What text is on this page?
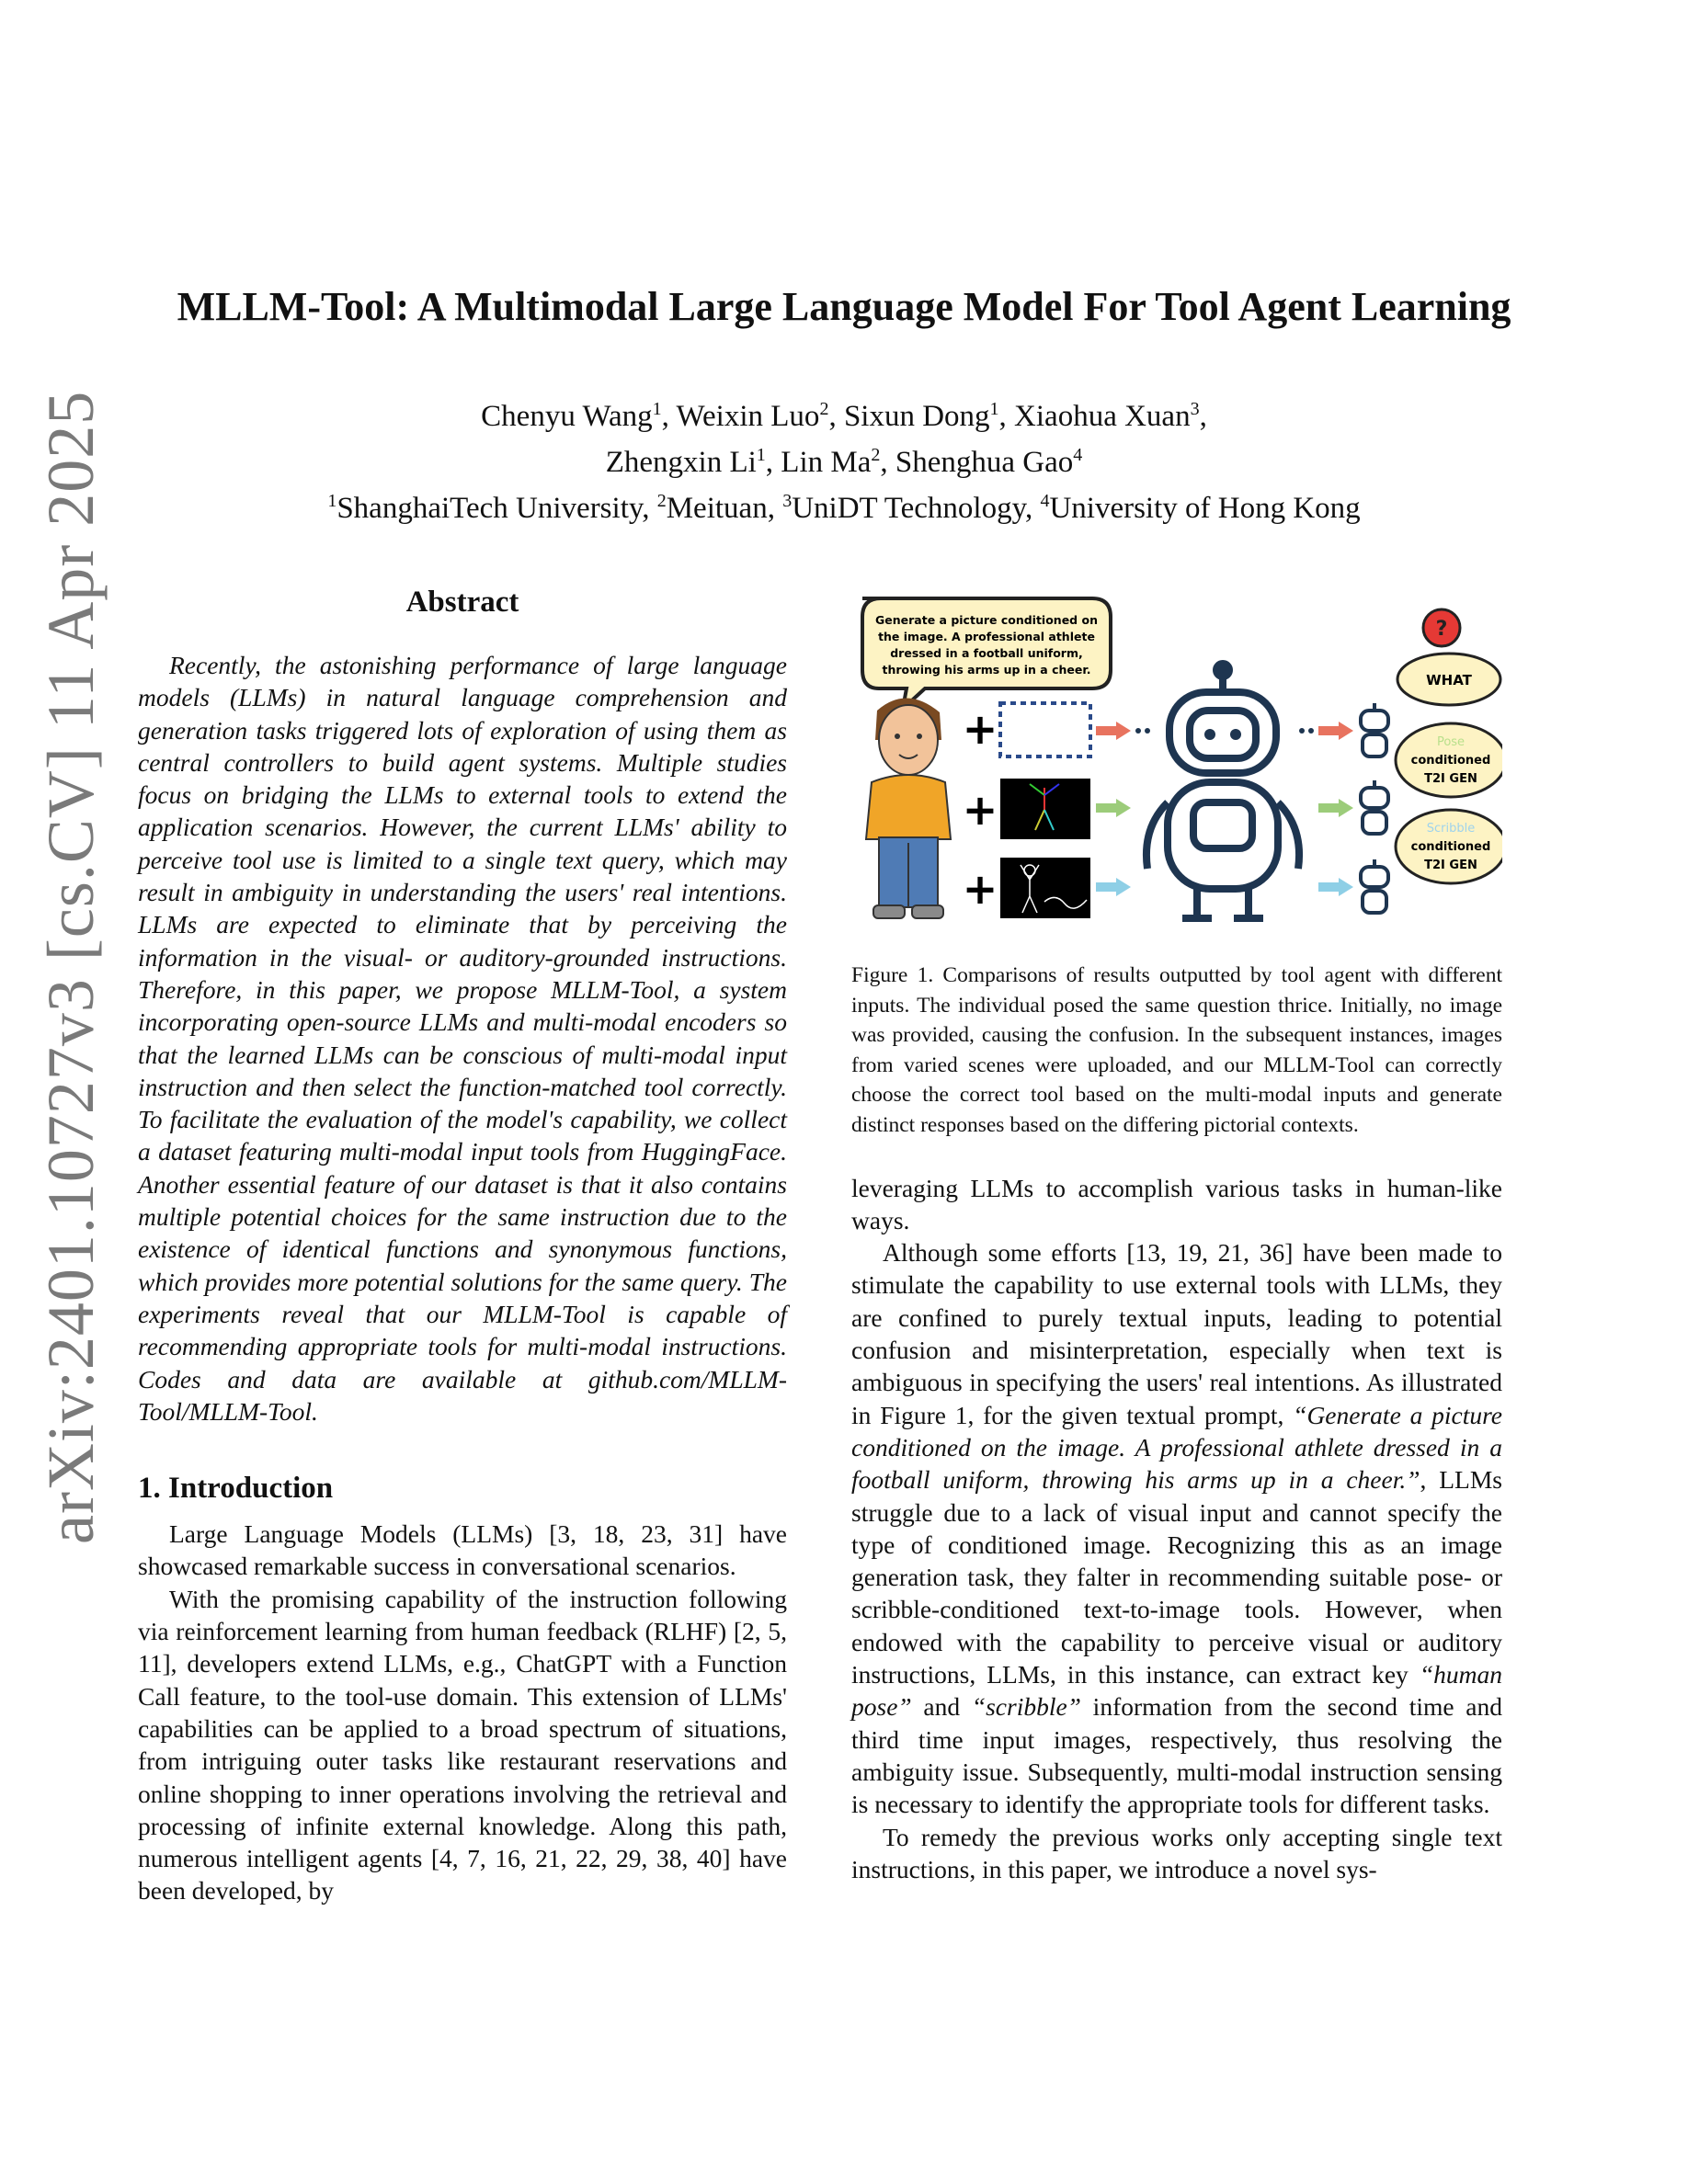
arXiv:2401.10727v3 [cs.CV] 11 Apr 2025
MLLM-Tool: A Multimodal Large Language Model For Tool Agent Learning
Chenyu Wang$^1$, Weixin Luo$^2$, Sixun Dong$^1$, Xiaohua Xuan$^3$,
Zhengxin Li$^1$, Lin Ma$^2$, Shenghua Gao$^4$
$^1$ShanghaiTech University, $^2$Meituan, $^3$UniDT Technology, $^4$University of Hong Kong
Abstract

Recently, the astonishing performance of large language models (LLMs) in natural language comprehension and generation tasks triggered lots of exploration of using them as central controllers to build agent systems. Multiple studies focus on bridging the LLMs to external tools to extend the application scenarios. However, the current LLMs' ability to perceive tool use is limited to a single text query, which may result in ambiguity in understanding the users' real intentions. LLMs are expected to eliminate that by perceiving the information in the visual- or auditory-grounded instructions. Therefore, in this paper, we propose MLLM-Tool, a system incorporating open-source LLMs and multi-modal encoders so that the learned LLMs can be conscious of multi-modal input instruction and then select the function-matched tool correctly. To facilitate the evaluation of the model's capability, we collect a dataset featuring multi-modal input tools from HuggingFace. Another essential feature of our dataset is that it also contains multiple potential choices for the same instruction due to the existence of identical functions and synonymous functions, which provides more potential solutions for the same query. The experiments reveal that our MLLM-Tool is capable of recommending appropriate tools for multi-modal instructions. Codes and data are available at github.com/MLLM-Tool/MLLM-Tool.

1. Introduction

Large Language Models (LLMs) [3, 18, 23, 31] have showcased remarkable success in conversational scenarios.

With the promising capability of the instruction following via reinforcement learning from human feedback (RLHF) [2, 5, 11], developers extend LLMs, e.g., ChatGPT with a Function Call feature, to the tool-use domain. This extension of LLMs' capabilities can be applied to a broad spectrum of situations, from intriguing outer tasks like restaurant reservations and online shopping to inner operations involving the retrieval and processing of infinite external knowledge. Along this path, numerous intelligent agents [4, 7, 16, 21, 22, 29, 38, 40] have been developed, by

Generate a picture conditioned on
the image. A professional athlete
dressed in a football uniform,
throwing his arms up in a cheer.
+
+
+
?
WHAT
Pose
conditioned
T2I GEN
Scribble
conditioned
T2I GEN

Figure 1. Comparisons of results outputted by tool agent with different inputs. The individual posed the same question thrice. Initially, no image was provided, causing the confusion. In the subsequent instances, images from varied scenes were uploaded, and our MLLM-Tool can correctly choose the correct tool based on the multi-modal inputs and generate distinct responses based on the differing pictorial contexts.

leveraging LLMs to accomplish various tasks in human-like ways.

Although some efforts [13, 19, 21, 36] have been made to stimulate the capability to use external tools with LLMs, they are confined to purely textual inputs, leading to potential confusion and misinterpretation, especially when text is ambiguous in specifying the users' real intentions. As illustrated in Figure 1, for the given textual prompt, “Generate a picture conditioned on the image. A professional athlete dressed in a football uniform, throwing his arms up in a cheer.”, LLMs struggle due to a lack of visual input and cannot specify the type of conditioned image. Recognizing this as an image generation task, they falter in recommending suitable pose- or scribble-conditioned text-to-image tools. However, when endowed with the capability to perceive visual or auditory instructions, LLMs, in this instance, can extract key “human pose” and “scribble” information from the second time and third time input images, respectively, thus resolving the ambiguity issue. Subsequently, multi-modal instruction sensing is necessary to identify the appropriate tools for different tasks.

To remedy the previous works only accepting single text instructions, in this paper, we introduce a novel sys-
